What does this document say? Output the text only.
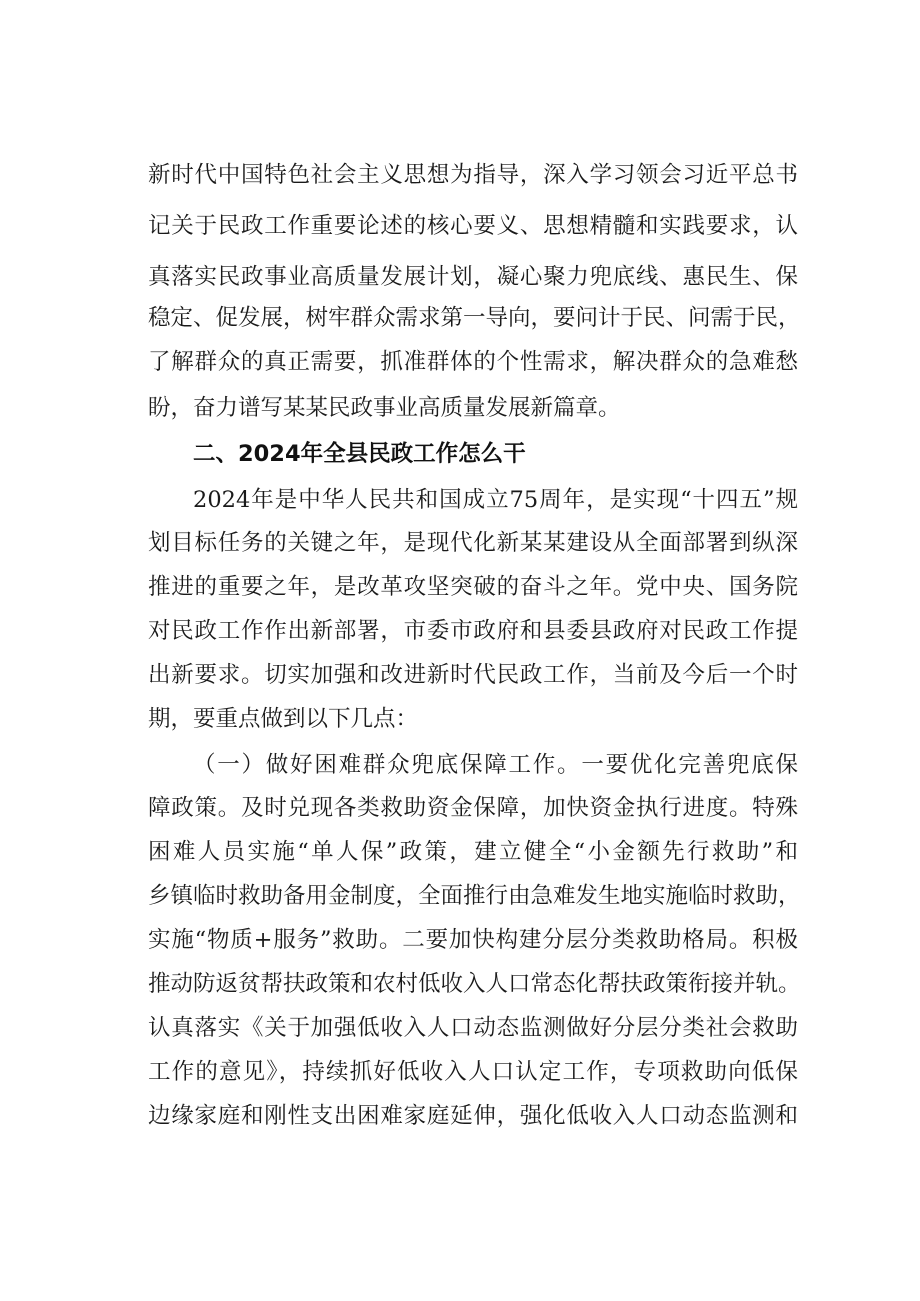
新时代中国特色社会主义思想为指导，深入学习领会习近平总书
记关于民政工作重要论述的核心要义、思想精髓和实践要求，认
真落实民政事业高质量发展计划，凝心聚力兜底线、惠民生、保
稳定、促发展，树牢群众需求第一导向，要问计于民、问需于民，
了解群众的真正需要，抓准群体的个性需求，解决群众的急难愁
盼，奋力谱写某某民政事业高质量发展新篇章。
二、2024年全县民政工作怎么干
2024年是中华人民共和国成立75周年，是实现“十四五”规
划目标任务的关键之年，是现代化新某某建设从全面部署到纵深
推进的重要之年，是改革攻坚突破的奋斗之年。党中央、国务院
对民政工作作出新部署，市委市政府和县委县政府对民政工作提
出新要求。切实加强和改进新时代民政工作，当前及今后一个时
期，要重点做到以下几点：
（一）做好困难群众兜底保障工作。一要优化完善兜底保
障政策。及时兑现各类救助资金保障，加快资金执行进度。特殊
困难人员实施“单人保”政策，建立健全“小金额先行救助”和
乡镇临时救助备用金制度，全面推行由急难发生地实施临时救助，
实施“物质+服务”救助。二要加快构建分层分类救助格局。积极
推动防返贫帮扶政策和农村低收入人口常态化帮扶政策衔接并轨。
认真落实《关于加强低收入人口动态监测做好分层分类社会救助
工作的意见》，持续抓好低收入人口认定工作，专项救助向低保
边缘家庭和刚性支出困难家庭延伸，强化低收入人口动态监测和
